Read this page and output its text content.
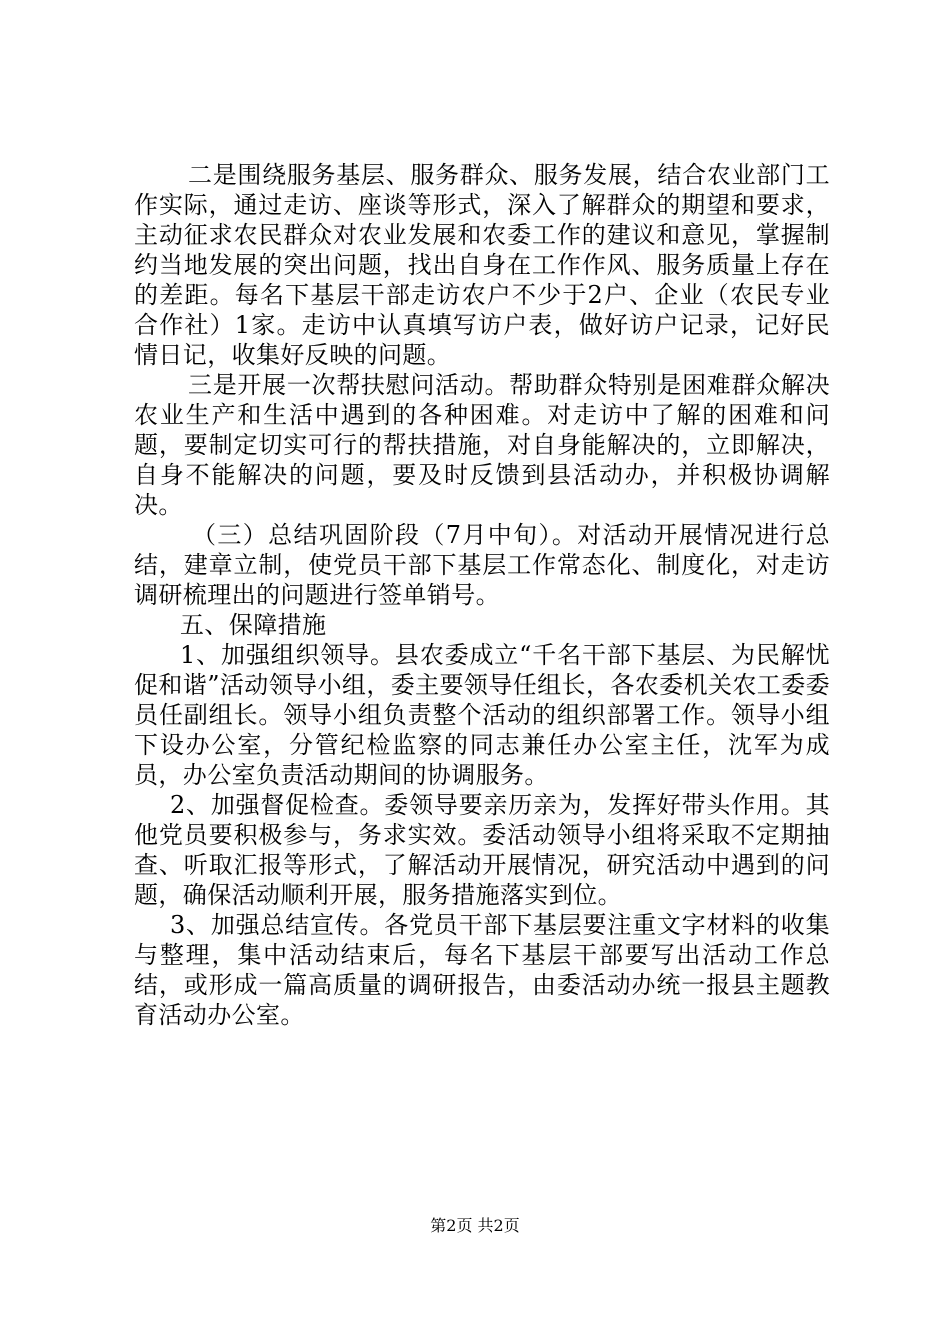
二是围绕服务基层、服务群众、服务发展，结合农业部门工作实际，通过走访、座谈等形式，深入了解群众的期望和要求，主动征求农民群众对农业发展和农委工作的建议和意见，掌握制约当地发展的突出问题，找出自身在工作作风、服务质量上存在的差距。每名下基层干部走访农户不少于2户、企业（农民专业合作社）1家。走访中认真填写访户表，做好访户记录，记好民情日记，收集好反映的问题。

三是开展一次帮扶慰问活动。帮助群众特别是困难群众解决农业生产和生活中遇到的各种困难。对走访中了解的困难和问题，要制定切实可行的帮扶措施，对自身能解决的，立即解决，自身不能解决的问题，要及时反馈到县活动办，并积极协调解决。

（三）总结巩固阶段（7月中旬）。对活动开展情况进行总结，建章立制，使党员干部下基层工作常态化、制度化，对走访调研梳理出的问题进行签单销号。

五、保障措施

1、加强组织领导。县农委成立“千名干部下基层、为民解忧促和谐”活动领导小组，委主要领导任组长，各农委机关农工委委员任副组长。领导小组负责整个活动的组织部署工作。领导小组下设办公室，分管纪检监察的同志兼任办公室主任，沈军为成员，办公室负责活动期间的协调服务。

2、加强督促检查。委领导要亲历亲为，发挥好带头作用。其他党员要积极参与，务求实效。委活动领导小组将采取不定期抽查、听取汇报等形式，了解活动开展情况，研究活动中遇到的问题，确保活动顺利开展，服务措施落实到位。

3、加强总结宣传。各党员干部下基层要注重文字材料的收集与整理，集中活动结束后，每名下基层干部要写出活动工作总结，或形成一篇高质量的调研报告，由委活动办统一报县主题教育活动办公室。

第2页 共2页
